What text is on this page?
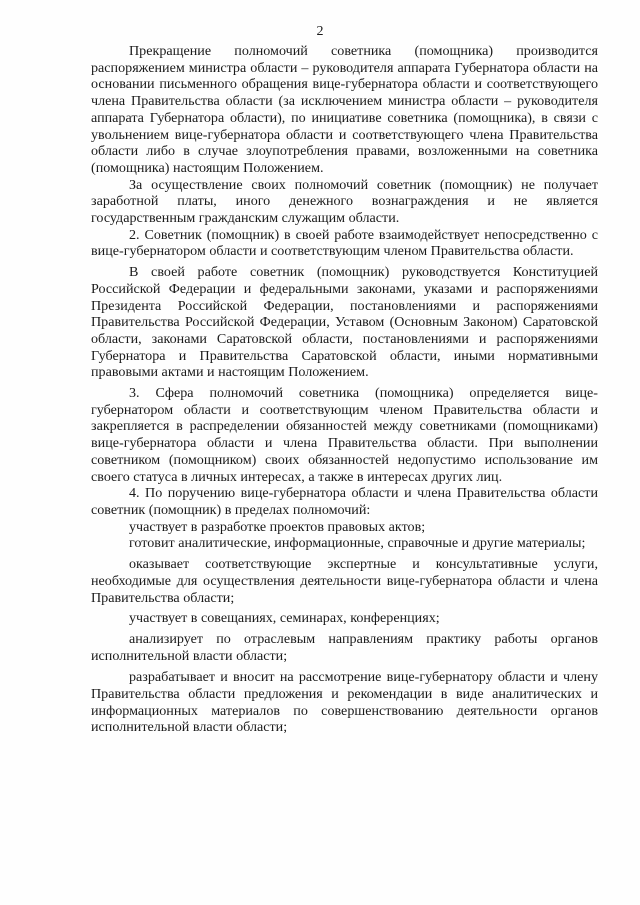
2

Прекращение полномочий советника (помощника) производится распоряжением министра области – руководителя аппарата Губернатора области на основании письменного обращения вице-губернатора области и соответствующего члена Правительства области (за исключением министра области – руководителя аппарата Губернатора области), по инициативе советника (помощника), в связи с увольнением вице-губернатора области и соответствующего члена Правительства области либо в случае злоупотребления правами, возложенными на советника (помощника) настоящим Положением.

За осуществление своих полномочий советник (помощник) не получает заработной платы, иного денежного вознаграждения и не является государственным гражданским служащим области.

2. Советник (помощник) в своей работе взаимодействует непосредственно с вице-губернатором области и соответствующим членом Правительства области.

В своей работе советник (помощник) руководствуется Конституцией Российской Федерации и федеральными законами, указами и распоряжениями Президента Российской Федерации, постановлениями и распоряжениями Правительства Российской Федерации, Уставом (Основным Законом) Саратовской области, законами Саратовской области, постановлениями и распоряжениями Губернатора и Правительства Саратовской области, иными нормативными правовыми актами и настоящим Положением.

3. Сфера полномочий советника (помощника) определяется вице-губернатором области и соответствующим членом Правительства области и закрепляется в распределении обязанностей между советниками (помощниками) вице-губернатора области и члена Правительства области. При выполнении советником (помощником) своих обязанностей недопустимо использование им своего статуса в личных интересах, а также в интересах других лиц.

4. По поручению вице-губернатора области и члена Правительства области советник (помощник) в пределах полномочий:

участвует в разработке проектов правовых актов;

готовит аналитические, информационные, справочные и другие материалы;

оказывает соответствующие экспертные и консультативные услуги, необходимые для осуществления деятельности вице-губернатора области и члена Правительства области;

участвует в совещаниях, семинарах, конференциях;

анализирует по отраслевым направлениям практику работы органов исполнительной власти области;

разрабатывает и вносит на рассмотрение вице-губернатору области и члену Правительства области предложения и рекомендации в виде аналитических и информационных материалов по совершенствованию деятельности органов исполнительной власти области;
